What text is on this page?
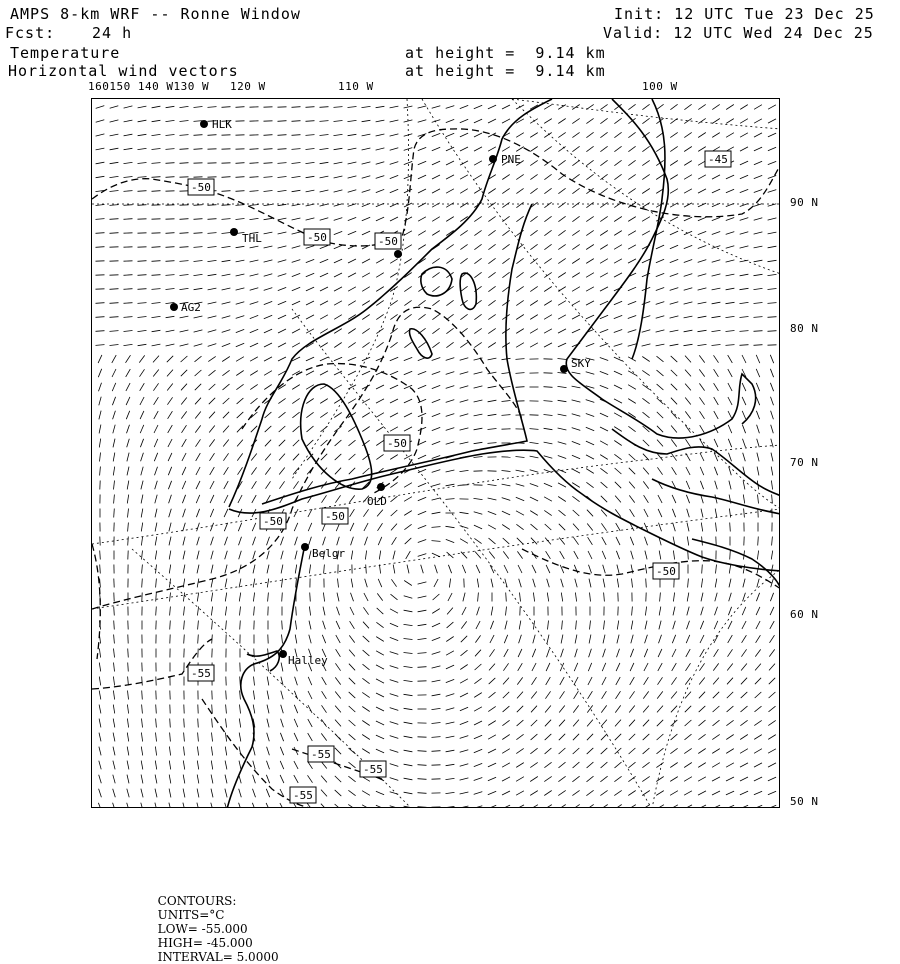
AMPS 8-km WRF -- Ronne Window
Fcst: 24 h
Init: 12 UTC Tue 23 Dec 25
Valid: 12 UTC Wed 24 Dec 25
Temperature	at height =  9.14 km
Horizontal wind vectors	at height =  9.14 km
160150 140 W130 W 120 W	110 W	100 W
90 N
80 N
70 N
60 N
50 N
HLK
PNE
THL
AG2
SKY
OLD
Belgr
Halley
-45
-50
-50	-50
-50
-50	-50
-50
-55
-55
-55
-55

CONTOURS:
UNITS=°C
LOW= -55.000
HIGH= -45.000
INTERVAL= 5.0000
